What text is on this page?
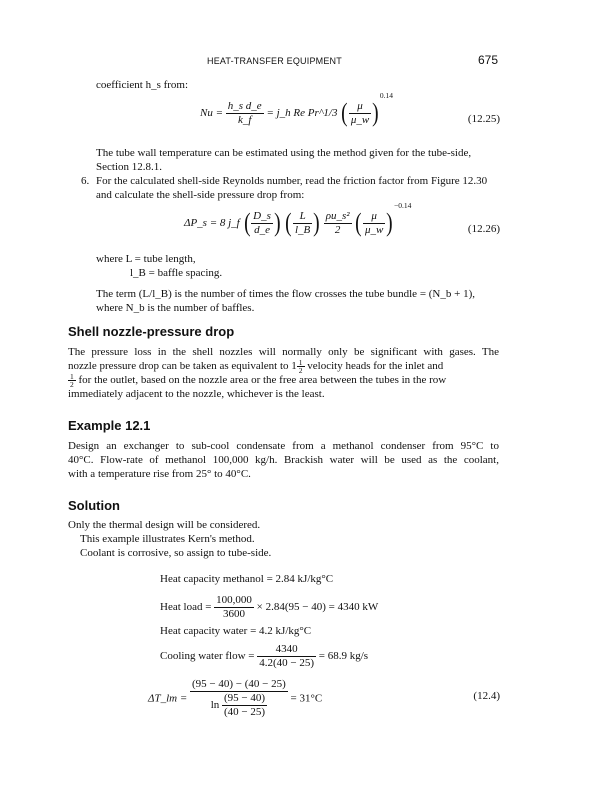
HEAT-TRANSFER EQUIPMENT	675
coefficient h_s from:
$Nu = \frac{\text{h\_s d\_e}}{k\_f}$ = j_h Re Pr^1/3 ( $\frac{\mu}{\mu\_w} )^{0.14}$
(12.25)
The tube wall temperature can be estimated using the method given for the tube-side, Section 12.8.1.
6. For the calculated shell-side Reynolds number, read the friction factor from Figure 12.30 and calculate the shell-side pressure drop from:
ΔP_s = 8 j_f ( $\frac{D\_s}{d\_e}$ ) ( $\frac{L}{l\_B}$ ) $\frac{\text{ρu\_s²}}{2}$ ( $\frac{\mu}{\mu\_w} )^{-0.14}$
(12.26)
where L = tube length,
l_B = baffle spacing.
The term (L/l_B) is the number of times the flow crosses the tube bundle = (N_b + 1),
where N_b is the number of baffles.
Shell nozzle-pressure drop
The pressure loss in the shell nozzles will normally only be significant with gases. The
nozzle pressure drop can be taken as equivalent to $1 \frac{1}{2}$ velocity heads for the inlet and
$\frac{1}{2}$ for the outlet, based on the nozzle area or the free area between the tubes in the row
immediately adjacent to the nozzle, whichever is the least.
Example 12.1
Design an exchanger to sub-cool condensate from a methanol condenser from 95°C to
40°C. Flow-rate of methanol 100,000 kg/h. Brackish water will be used as the coolant,
with a temperature rise from 25° to 40°C.
Solution
Only the thermal design will be considered.
This example illustrates Kern's method.
Coolant is corrosive, so assign to tube-side.
Heat capacity methanol = 2.84 kJ/kg°C
Heat load = $\frac{100,000}{3600} \times 2.84(95 - 40) = 4340$ kW
Heat capacity water = 4.2 kJ/kg°C
Cooling water flow = $\frac{4340}{4.2(40 - 25)} = 68.9$ kg/s
ΔT_lm = $\frac{(95 - 40) - (40 - 25)}{\ln \frac{(95 - 40)}{(40 - 25)}} = 31^\circ C$	(12.4)
